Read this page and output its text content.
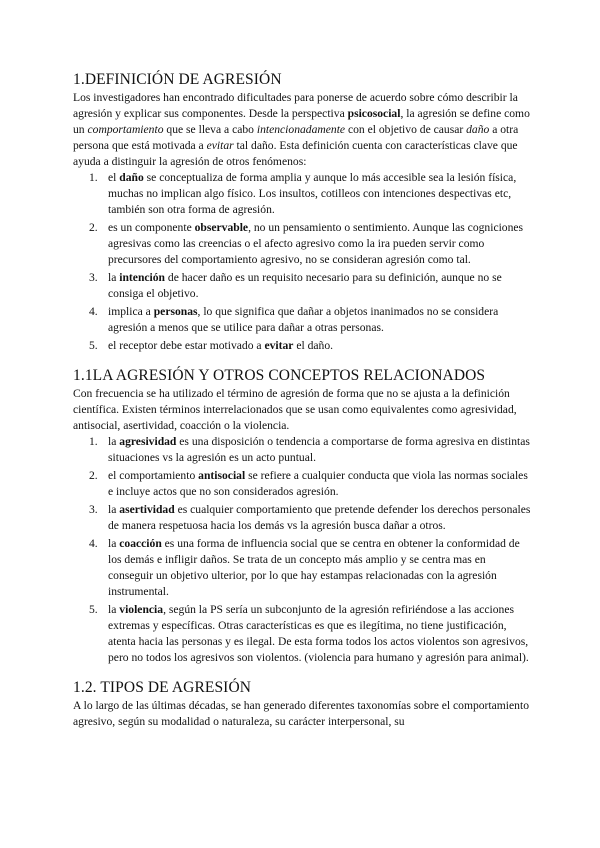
1.DEFINICIÓN DE AGRESIÓN

Los investigadores han encontrado dificultades para ponerse de acuerdo sobre cómo describir la agresión y explicar sus componentes. Desde la perspectiva psicosocial, la agresión se define como un comportamiento que se lleva a cabo intencionadamente con el objetivo de causar daño a otra persona que está motivada a evitar tal daño. Esta definición cuenta con características clave que ayuda a distinguir la agresión de otros fenómenos:

1. el daño se conceptualiza de forma amplia y aunque lo más accesible sea la lesión física, muchas no implican algo físico. Los insultos, cotilleos con intenciones despectivas etc, también son otra forma de agresión.
2. es un componente observable, no un pensamiento o sentimiento. Aunque las cogniciones agresivas como las creencias o el afecto agresivo como la ira pueden servir como precursores del comportamiento agresivo, no se consideran agresión como tal.
3. la intención de hacer daño es un requisito necesario para su definición, aunque no se consiga el objetivo.
4. implica a personas, lo que significa que dañar a objetos inanimados no se considera agresión a menos que se utilice para dañar a otras personas.
5. el receptor debe estar motivado a evitar el daño.
1.1LA AGRESIÓN Y OTROS CONCEPTOS RELACIONADOS

Con frecuencia se ha utilizado el término de agresión de forma que no se ajusta a la definición científica. Existen términos interrelacionados que se usan como equivalentes como agresividad, antisocial, asertividad, coacción o la violencia.

1. la agresividad es una disposición o tendencia a comportarse de forma agresiva en distintas situaciones vs la agresión es un acto puntual.
2. el comportamiento antisocial se refiere a cualquier conducta que viola las normas sociales e incluye actos que no son considerados agresión.
3. la asertividad es cualquier comportamiento que pretende defender los derechos personales de manera respetuosa hacia los demás vs la agresión busca dañar a otros.
4. la coacción es una forma de influencia social que se centra en obtener la conformidad de los demás e infligir daños. Se trata de un concepto más amplio y se centra mas en conseguir un objetivo ulterior, por lo que hay estampas relacionadas con la agresión instrumental.
5. la violencia, según la PS sería un subconjunto de la agresión refiriéndose a las acciones extremas y específicas. Otras características es que es ilegítima, no tiene justificación, atenta hacia las personas y es ilegal. De esta forma todos los actos violentos son agresivos, pero no todos los agresivos son violentos. (violencia para humano y agresión para animal).
1.2. TIPOS DE AGRESIÓN

A lo largo de las últimas décadas, se han generado diferentes taxonomías sobre el comportamiento agresivo, según su modalidad o naturaleza, su carácter interpersonal, su
